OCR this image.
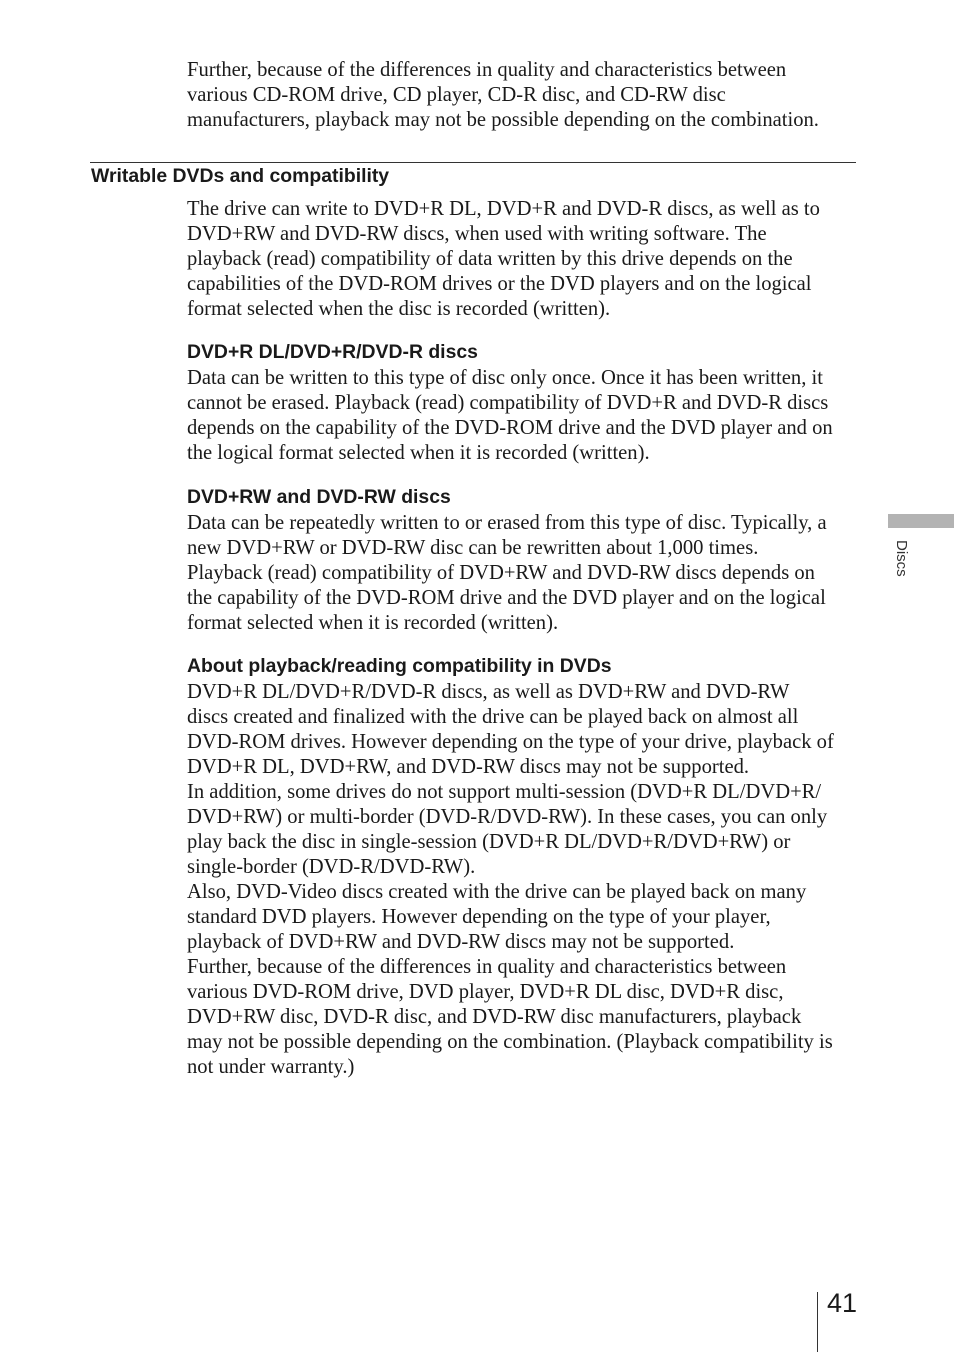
Further, because of the differences in quality and characteristics between
various CD-ROM drive, CD player, CD-R disc, and CD-RW disc
manufacturers, playback may not be possible depending on the combination.

Writable DVDs and compatibility

The drive can write to DVD+R DL, DVD+R and DVD-R discs, as well as to
DVD+RW and DVD-RW discs, when used with writing software. The
playback (read) compatibility of data written by this drive depends on the
capabilities of the DVD-ROM drives or the DVD players and on the logical
format selected when the disc is recorded (written).

DVD+R DL/DVD+R/DVD-R discs

Data can be written to this type of disc only once. Once it has been written, it
cannot be erased. Playback (read) compatibility of DVD+R and DVD-R discs
depends on the capability of the DVD-ROM drive and the DVD player and on
the logical format selected when it is recorded (written).

DVD+RW and DVD-RW discs

Data can be repeatedly written to or erased from this type of disc. Typically, a
new DVD+RW or DVD-RW disc can be rewritten about 1,000 times.
Playback (read) compatibility of DVD+RW and DVD-RW discs depends on
the capability of the DVD-ROM drive and the DVD player and on the logical
format selected when it is recorded (written).

About playback/reading compatibility in DVDs

DVD+R DL/DVD+R/DVD-R discs, as well as DVD+RW and DVD-RW
discs created and finalized with the drive can be played back on almost all
DVD-ROM drives. However depending on the type of your drive, playback of
DVD+R DL, DVD+RW, and DVD-RW discs may not be supported.
In addition, some drives do not support multi-session (DVD+R DL/DVD+R/
DVD+RW) or multi-border (DVD-R/DVD-RW). In these cases, you can only
play back the disc in single-session (DVD+R DL/DVD+R/DVD+RW) or
single-border (DVD-R/DVD-RW).
Also, DVD-Video discs created with the drive can be played back on many
standard DVD players. However depending on the type of your player,
playback of DVD+RW and DVD-RW discs may not be supported.
Further, because of the differences in quality and characteristics between
various DVD-ROM drive, DVD player, DVD+R DL disc, DVD+R disc,
DVD+RW disc, DVD-R disc, and DVD-RW disc manufacturers, playback
may not be possible depending on the combination. (Playback compatibility is
not under warranty.)

Discs
41
